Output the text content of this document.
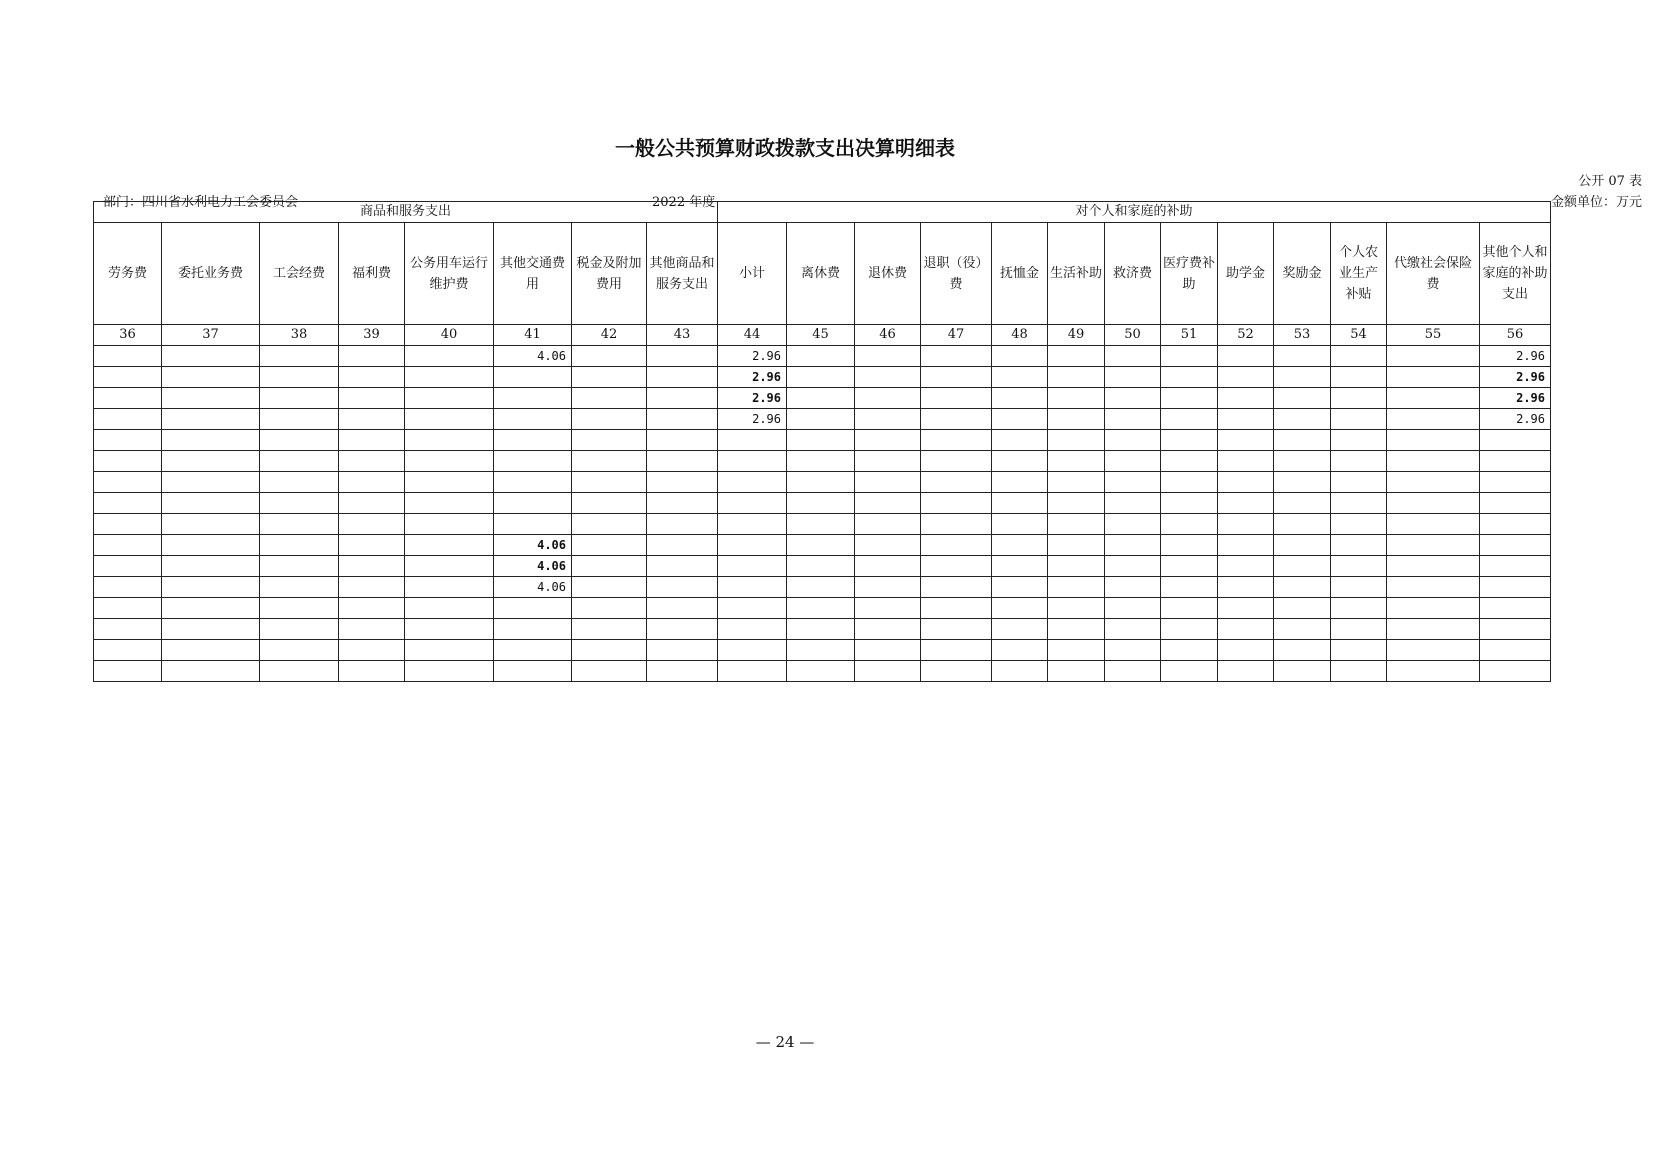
一般公共预算财政拨款支出决算明细表
公开 07 表
部门：四川省水利电力工会委员会	2022 年度	金额单位：万元
商品和服务支出								对个人和家庭的补助												
劳务费	委托业务费	工会经费	福利费	公务用车运行维护费	其他交通费用	税金及附加费用	其他商品和服务支出	小计	离休费	退休费	退职（役）费	抚恤金	生活补助	救济费	医疗费补助	助学金	奖励金	个人农业生产补贴	代缴社会保险费	其他个人和家庭的补助支出
36	37	38	39	40	41	42	43	44	45	46	47	48	49	50	51	52	53	54	55	56
					4.06			2.96												2.96
								2.96												2.96
								2.96												2.96
								2.96												2.96

					4.06															
					4.06															
					4.06															

— 24 —
